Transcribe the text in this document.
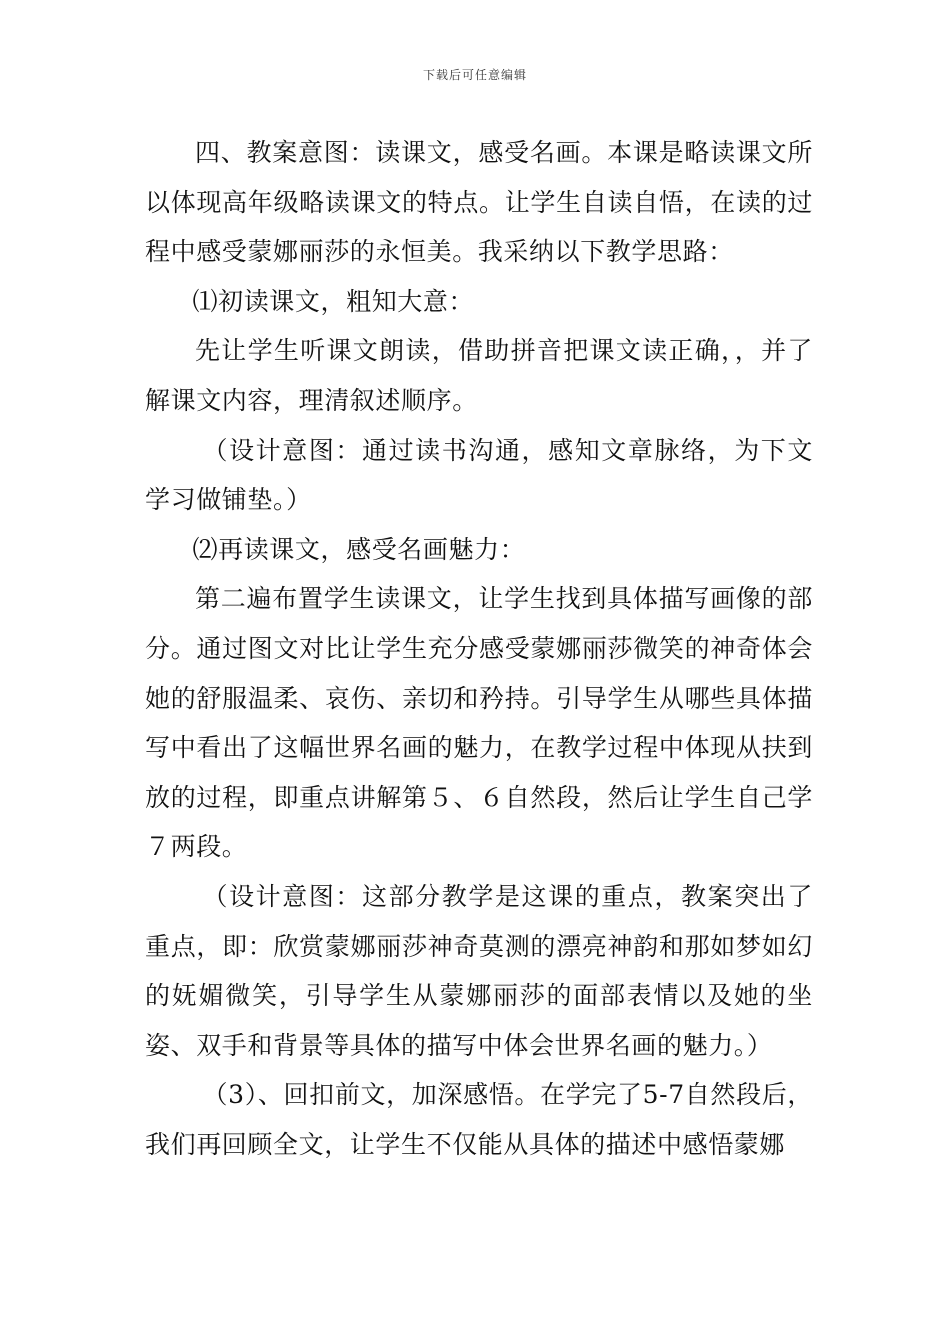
下载后可任意编辑

四、教案意图：读课文，感受名画。本课是略读课文所以体现高年级略读课文的特点。让学生自读自悟，在读的过程中感受蒙娜丽莎的永恒美。我采纳以下教学思路：

⑴初读课文，粗知大意：

先让学生听课文朗读，借助拼音把课文读正确，，并了解课文内容，理清叙述顺序。

（设计意图：通过读书沟通，感知文章脉络，为下文学习做铺垫。）

⑵再读课文，感受名画魅力：

第二遍布置学生读课文，让学生找到具体描写画像的部分。通过图文对比让学生充分感受蒙娜丽莎微笑的神奇体会她的舒服温柔、哀伤、亲切和矜持。引导学生从哪些具体描写中看出了这幅世界名画的魅力，在教学过程中体现从扶到放的过程，即重点讲解第５、６自然段，然后让学生自己学７两段。

（设计意图：这部分教学是这课的重点，教案突出了重点，即：欣赏蒙娜丽莎神奇莫测的漂亮神韵和那如梦如幻的妩媚微笑，引导学生从蒙娜丽莎的面部表情以及她的坐姿、双手和背景等具体的描写中体会世界名画的魅力。）

（3）、回扣前文，加深感悟。在学完了5-7自然段后，我们再回顾全文，让学生不仅能从具体的描述中感悟蒙娜
